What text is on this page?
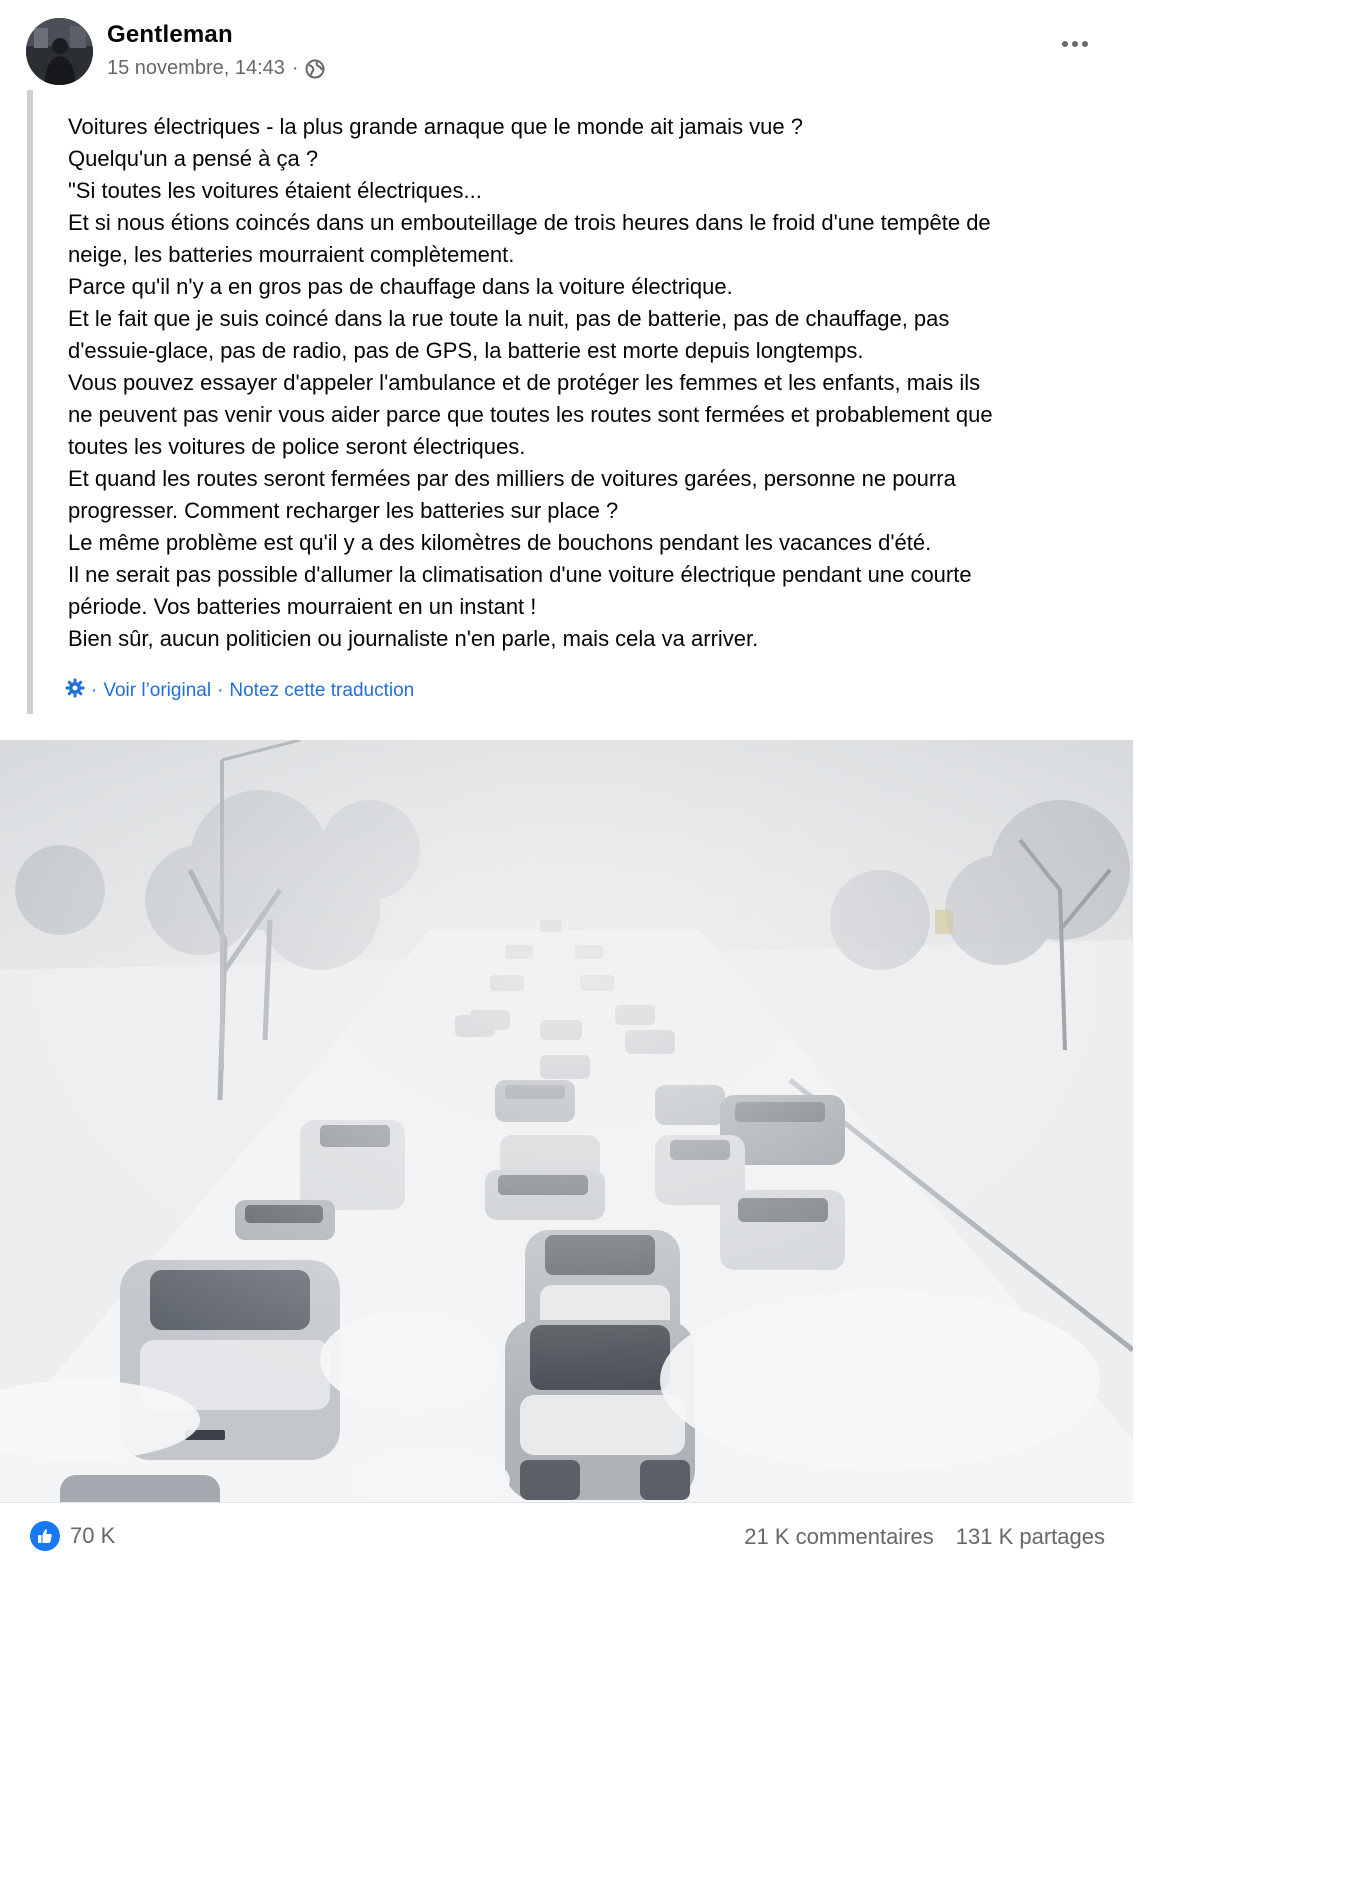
Gentleman
15 novembre, 14:43 ·
Voitures électriques - la plus grande arnaque que le monde ait jamais vue ?
Quelqu'un a pensé à ça ?
"Si toutes les voitures étaient électriques...
Et si nous étions coincés dans un embouteillage de trois heures dans le froid d'une tempête de
neige, les batteries mourraient complètement.
Parce qu'il n'y a en gros pas de chauffage dans la voiture électrique.
Et le fait que je suis coincé dans la rue toute la nuit, pas de batterie, pas de chauffage, pas
d'essuie-glace, pas de radio, pas de GPS, la batterie est morte depuis longtemps.
Vous pouvez essayer d'appeler l'ambulance et de protéger les femmes et les enfants, mais ils
ne peuvent pas venir vous aider parce que toutes les routes sont fermées et probablement que
toutes les voitures de police seront électriques.
Et quand les routes seront fermées par des milliers de voitures garées, personne ne pourra
progresser. Comment recharger les batteries sur place ?
Le même problème est qu'il y a des kilomètres de bouchons pendant les vacances d'été.
Il ne serait pas possible d'allumer la climatisation d'une voiture électrique pendant une courte
période. Vos batteries mourraient en un instant !
Bien sûr, aucun politicien ou journaliste n'en parle, mais cela va arriver.
· Voir l’original · Notez cette traduction
70 K	21 K commentaires 131 K partages
